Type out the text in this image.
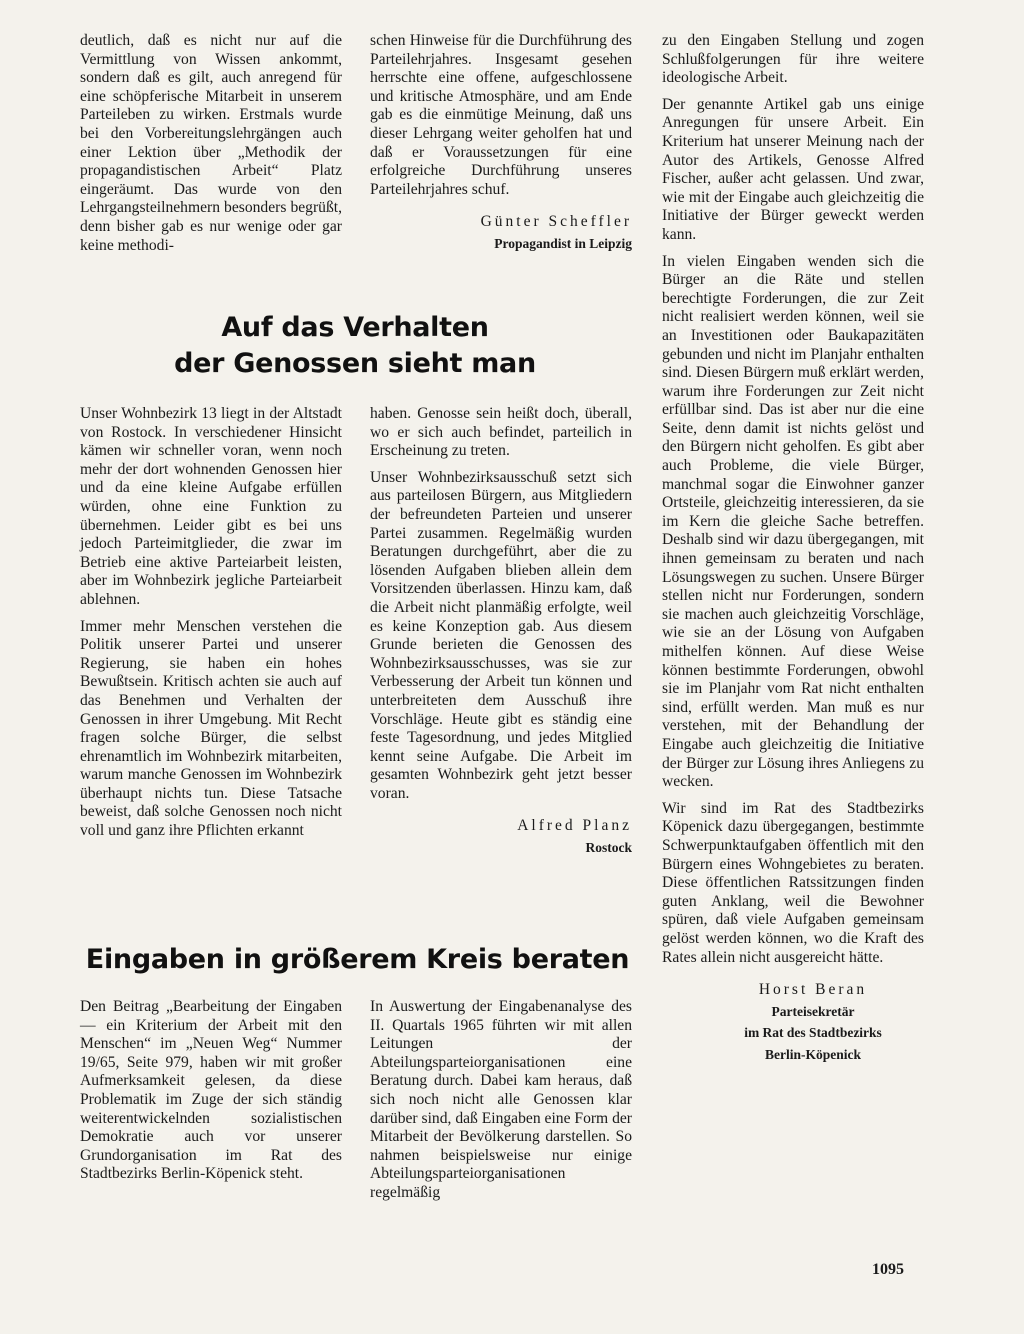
deutlich, daß es nicht nur auf die Vermittlung von Wissen ankommt, sondern daß es gilt, auch anregend für eine schöpferische Mitarbeit in unserem Parteileben zu wirken. Erstmals wurde bei den Vorbereitungslehrgängen auch einer Lektion über „Methodik der propagandistischen Arbeit“ Platz eingeräumt. Das wurde von den Lehrgangsteilnehmern besonders begrüßt, denn bisher gab es nur wenige oder gar keine methodi-

schen Hinweise für die Durchführung des Parteilehrjahres. Insgesamt gesehen herrschte eine offene, aufgeschlossene und kritische Atmosphäre, und am Ende gab es die einmütige Meinung, daß uns dieser Lehrgang weiter geholfen hat und daß er Voraussetzungen für eine erfolgreiche Durchführung unseres Parteilehrjahres schuf.

Günter Scheffler
Propagandist in Leipzig
Auf das Verhalten
der Genossen sieht man

Unser Wohnbezirk 13 liegt in der Altstadt von Rostock. In verschiedener Hinsicht kämen wir schneller voran, wenn noch mehr der dort wohnenden Genossen hier und da eine kleine Aufgabe erfüllen würden, ohne eine Funktion zu übernehmen. Leider gibt es bei uns jedoch Parteimitglieder, die zwar im Betrieb eine aktive Parteiarbeit leisten, aber im Wohnbezirk jegliche Parteiarbeit ablehnen.

Immer mehr Menschen verstehen die Politik unserer Partei und unserer Regierung, sie haben ein hohes Bewußtsein. Kritisch achten sie auch auf das Benehmen und Verhalten der Genossen in ihrer Umgebung. Mit Recht fragen solche Bürger, die selbst ehrenamtlich im Wohnbezirk mitarbeiten, warum manche Genossen im Wohnbezirk überhaupt nichts tun. Diese Tatsache beweist, daß solche Genossen noch nicht voll und ganz ihre Pflichten erkannt

haben. Genosse sein heißt doch, überall, wo er sich auch befindet, parteilich in Erscheinung zu treten.

Unser Wohnbezirksausschuß setzt sich aus parteilosen Bürgern, aus Mitgliedern der befreundeten Parteien und unserer Partei zusammen. Regelmäßig wurden Beratungen durchgeführt, aber die zu lösenden Aufgaben blieben allein dem Vorsitzenden überlassen. Hinzu kam, daß die Arbeit nicht planmäßig erfolgte, weil es keine Konzeption gab. Aus diesem Grunde berieten die Genossen des Wohnbezirksausschusses, was sie zur Verbesserung der Arbeit tun können und unterbreiteten dem Ausschuß ihre Vorschläge. Heute gibt es ständig eine feste Tagesordnung, und jedes Mitglied kennt seine Aufgabe. Die Arbeit im gesamten Wohnbezirk geht jetzt besser voran.

Alfred Planz
Rostock
Eingaben in größerem Kreis beraten

Den Beitrag „Bearbeitung der Eingaben — ein Kriterium der Arbeit mit den Menschen“ im „Neuen Weg“ Nummer 19/65, Seite 979, haben wir mit großer Aufmerksamkeit gelesen, da diese Problematik im Zuge der sich ständig weiterentwickelnden sozialistischen Demokratie auch vor unserer Grundorganisation im Rat des Stadtbezirks Berlin-Köpenick steht.

In Auswertung der Eingabenanalyse des II. Quartals 1965 führten wir mit allen Leitungen der Abteilungsparteiorganisationen eine Beratung durch. Dabei kam heraus, daß sich noch nicht alle Genossen klar darüber sind, daß Eingaben eine Form der Mitarbeit der Bevölkerung darstellen. So nahmen beispielsweise nur einige Abteilungsparteiorganisationen regelmäßig

zu den Eingaben Stellung und zogen Schlußfolgerungen für ihre weitere ideologische Arbeit.

Der genannte Artikel gab uns einige Anregungen für unsere Arbeit. Ein Kriterium hat unserer Meinung nach der Autor des Artikels, Genosse Alfred Fischer, außer acht gelassen. Und zwar, wie mit der Eingabe auch gleichzeitig die Initiative der Bürger geweckt werden kann.

In vielen Eingaben wenden sich die Bürger an die Räte und stellen berechtigte Forderungen, die zur Zeit nicht realisiert werden können, weil sie an Investitionen oder Baukapazitäten gebunden und nicht im Planjahr enthalten sind. Diesen Bürgern muß erklärt werden, warum ihre Forderungen zur Zeit nicht erfüllbar sind. Das ist aber nur die eine Seite, denn damit ist nichts gelöst und den Bürgern nicht geholfen. Es gibt aber auch Probleme, die viele Bürger, manchmal sogar die Einwohner ganzer Ortsteile, gleichzeitig interessieren, da sie im Kern die gleiche Sache betreffen. Deshalb sind wir dazu übergegangen, mit ihnen gemeinsam zu beraten und nach Lösungswegen zu suchen. Unsere Bürger stellen nicht nur Forderungen, sondern sie machen auch gleichzeitig Vorschläge, wie sie an der Lösung von Aufgaben mithelfen können. Auf diese Weise können bestimmte Forderungen, obwohl sie im Planjahr vom Rat nicht enthalten sind, erfüllt werden. Man muß es nur verstehen, mit der Behandlung der Eingabe auch gleichzeitig die Initiative der Bürger zur Lösung ihres Anliegens zu wecken.

Wir sind im Rat des Stadtbezirks Köpenick dazu übergegangen, bestimmte Schwerpunktaufgaben öffentlich mit den Bürgern eines Wohngebietes zu beraten. Diese öffentlichen Ratssitzungen finden guten Anklang, weil die Bewohner spüren, daß viele Aufgaben gemeinsam gelöst werden können, wo die Kraft des Rates allein nicht ausgereicht hätte.

Horst Beran
Parteisekretär
im Rat des Stadtbezirks
Berlin-Köpenick
1095
